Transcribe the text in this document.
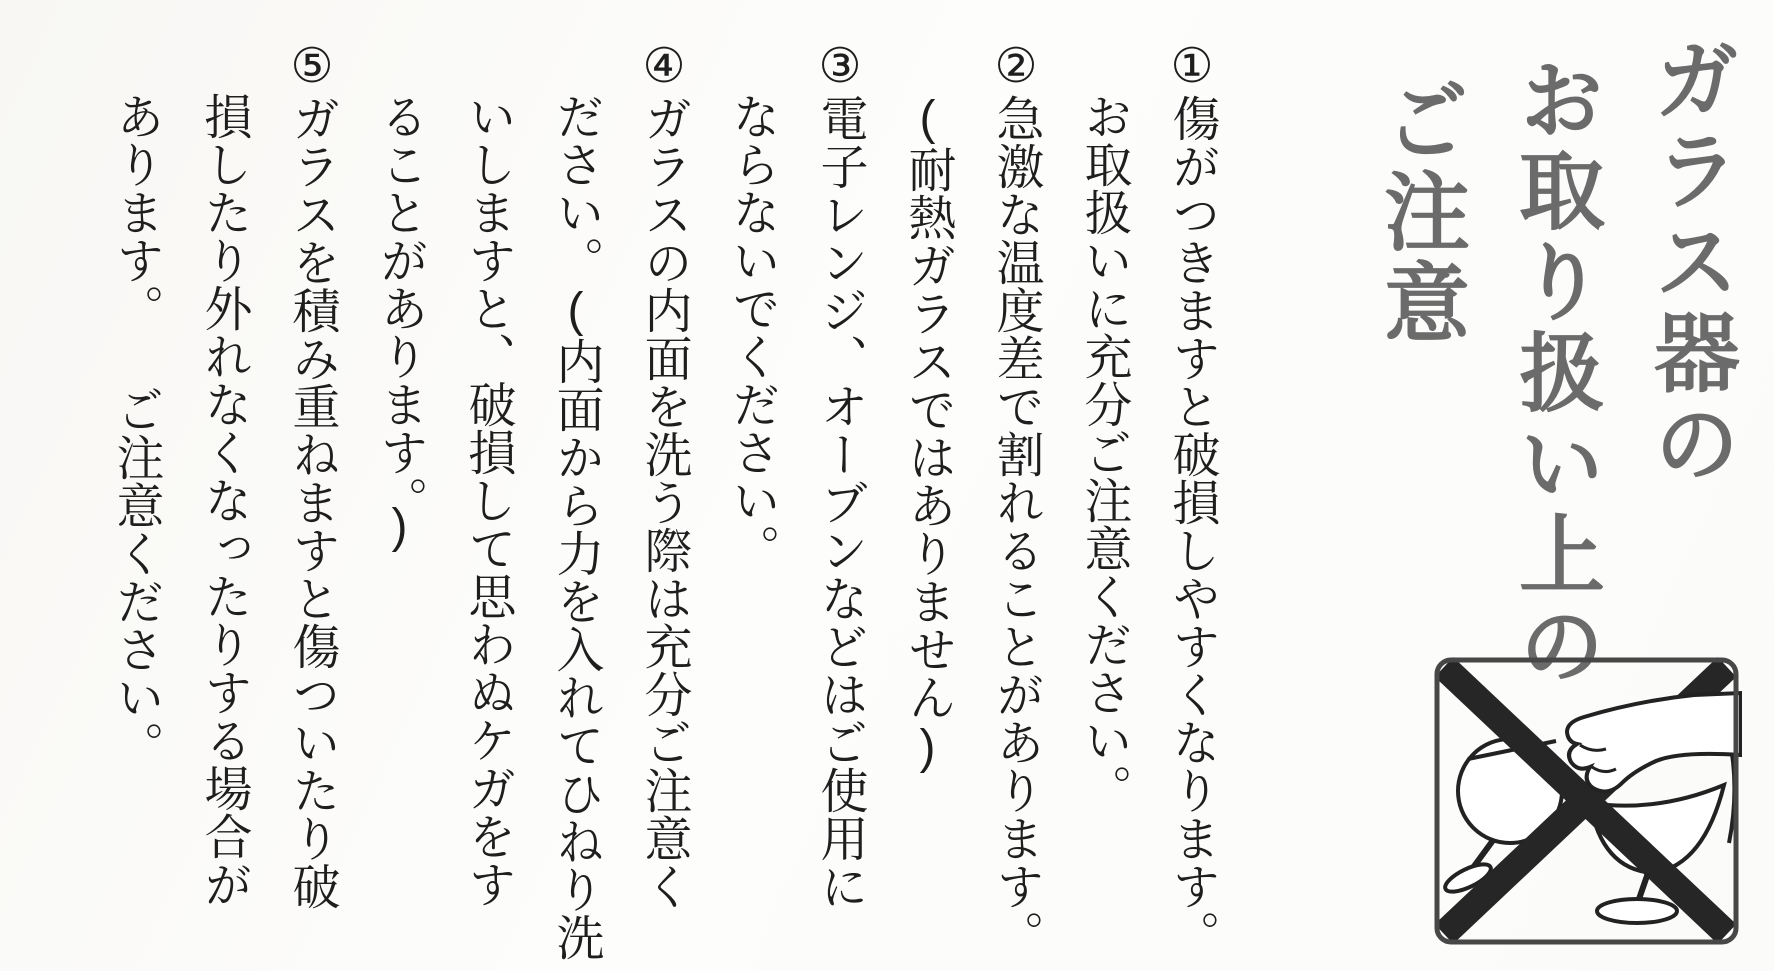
ガラス器の
お取り扱い上の
ご注意
①傷がつきますと破損しやすくなります。
お取扱いに充分ご注意ください。
②急激な温度差で割れることがあります。
(耐熱ガラスではありません)
③電子レンジ、オーブンなどはご使用に
ならないでください。
④ガラスの内面を洗う際は充分ご注意く
ださい。(内面から力を入れてひねり洗
いしますと、破損して思わぬケガをす
ることがあります。)
⑤ガラスを積み重ねますと傷ついたり破
損したり外れなくなったりする場合が
あります。 ご注意ください。
